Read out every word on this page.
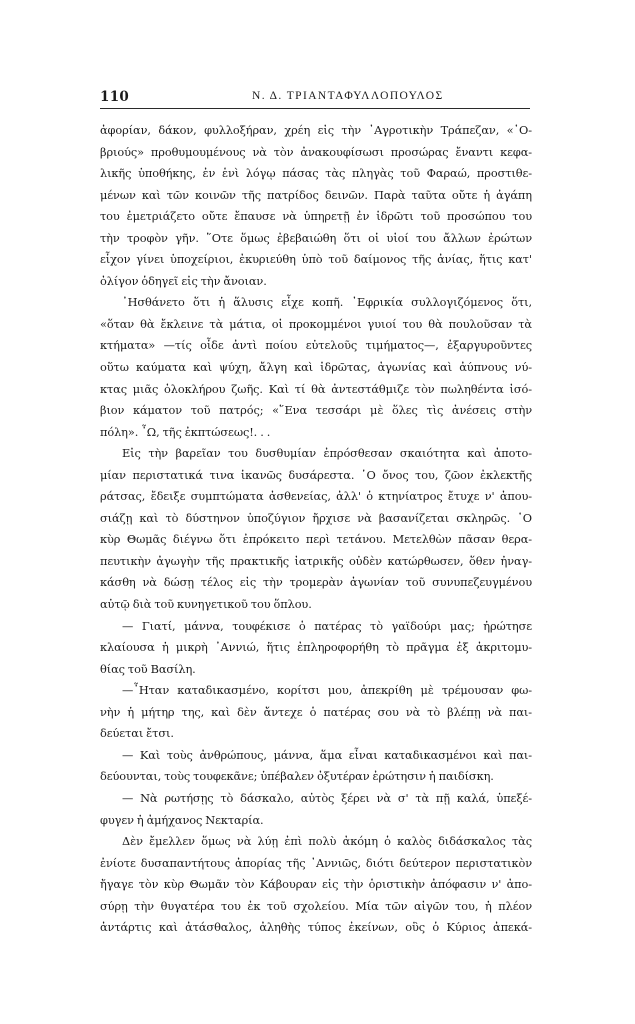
110	Ν. Δ. ΤΡΙΑΝΤΑΦΥΛΛΟΠΟΥΛΟΣ
ἀφορίαν, δάκον, φυλλοξήραν, χρέη εἰς τὴν ᾿Αγροτικὴν Τράπεζαν, «῾Ο-
βριούς» προθυμουμένους νὰ τὸν ἀνακουφίσωσι προσώρας ἔναντι κεφα-
λικῆς ὑποθήκης, ἐν ἑνὶ λόγῳ πάσας τὰς πληγὰς τοῦ Φαραώ, προστιθε-
μένων καὶ τῶν κοινῶν τῆς πατρίδος δεινῶν. Παρὰ ταῦτα οὔτε ἡ ἀγάπη
του ἐμετριάζετο οὔτε ἔπαυσε νὰ ὑπηρετῇ ἐν ἱδρῶτι τοῦ προσώπου του
τὴν τροφὸν γῆν. ῞Οτε ὅμως ἐβεβαιώθη ὅτι οἱ υἱοί του ἄλλων ἐρώτων
εἶχον γίνει ὑποχείριοι, ἐκυριεύθη ὑπὸ τοῦ δαίμονος τῆς ἀνίας, ἥτις κατ'
ὀλίγον ὁδηγεῖ εἰς τὴν ἄνοιαν.
᾿Ησθάνετο ὅτι ἡ ἅλυσις εἶχε κοπῆ. ᾿Εφρικία συλλογιζόμενος ὅτι,
«ὅταν θὰ ἔκλεινε τὰ μάτια, οἱ προκομμένοι γυιοί του θὰ πουλοῦσαν τὰ
κτήματα» —τίς οἶδε ἀντὶ ποίου εὐτελοῦς τιμήματος—, ἐξαργυροῦντες
οὕτω καύματα καὶ ψύχη, ἄλγη καὶ ἱδρῶτας, ἀγωνίας καὶ ἀύπνους νύ-
κτας μιᾶς ὁλοκλήρου ζωῆς. Καὶ τί θὰ ἀντεστάθμιζε τὸν πωληθέντα ἰσό-
βιον κάματον τοῦ πατρός; «῞Ενα τεσσάρι μὲ ὅλες τὶς ἀνέσεις στὴν
πόλη». ῏Ω, τῆς ἐκπτώσεως!. . .
Εἰς τὴν βαρεῖαν του δυσθυμίαν ἐπρόσθεσαν σκαιότητα καὶ ἀποτο-
μίαν περιστατικά τινα ἱκανῶς δυσάρεστα. ῾Ο ὄνος του, ζῶον ἐκλεκτῆς
ράτσας, ἔδειξε συμπτώματα ἀσθενείας, ἀλλ' ὁ κτηνίατρος ἔτυχε ν' ἀπου-
σιάζῃ καὶ τὸ δύστηνον ὑποζύγιον ἤρχισε νὰ βασανίζεται σκληρῶς. ῾Ο
κὺρ Θωμᾶς διέγνω ὅτι ἐπρόκειτο περὶ τετάνου. Μετελθὼν πᾶσαν θερα-
πευτικὴν ἀγωγὴν τῆς πρακτικῆς ἰατρικῆς οὐδὲν κατώρθωσεν, ὅθεν ἠναγ-
κάσθη νὰ δώσῃ τέλος εἰς τὴν τρομερὰν ἀγωνίαν τοῦ συνυπεζευγμένου
αὐτῷ διὰ τοῦ κυνηγετικοῦ του ὅπλου.
— Γιατί, μάννα, τουφέκισε ὁ πατέρας τὸ γαϊδούρι μας; ἠρώτησε
κλαίουσα ἡ μικρὴ ᾿Αννιώ, ἥτις ἐπληροφορήθη τὸ πρᾶγμα ἐξ ἀκριτομυ-
θίας τοῦ Βασίλη.
—῏Ηταν καταδικασμένο, κορίτσι μου, ἀπεκρίθη μὲ τρέμουσαν φω-
νὴν ἡ μήτηρ της, καὶ δὲν ἄντεχε ὁ πατέρας σου νὰ τὸ βλέπῃ νὰ παι-
δεύεται ἔτσι.
— Καὶ τοὺς ἀνθρώπους, μάννα, ἅμα εἶναι καταδικασμένοι καὶ παι-
δεύουνται, τοὺς τουφεκᾶνε; ὑπέβαλεν ὀξυτέραν ἐρώτησιν ἡ παιδίσκη.
— Νὰ ρωτήσῃς τὸ δάσκαλο, αὐτὸς ξέρει νὰ σ' τὰ πῇ καλά, ὑπεξέ-
φυγεν ἡ ἀμήχανος Νεκταρία.
Δὲν ἔμελλεν ὅμως νὰ λύῃ ἐπὶ πολὺ ἀκόμη ὁ καλὸς διδάσκαλος τὰς
ἐνίοτε δυσαπαντήτους ἀπορίας τῆς ᾿Αννιῶς, διότι δεύτερον περιστατικὸν
ἤγαγε τὸν κὺρ Θωμᾶν τὸν Κάβουραν εἰς τὴν ὁριστικὴν ἀπόφασιν ν' ἀπο-
σύρῃ τὴν θυγατέρα του ἐκ τοῦ σχολείου. Μία τῶν αἰγῶν του, ἡ πλέον
ἀντάρτις καὶ ἀτάσθαλος, ἀληθὴς τύπος ἐκείνων, οὓς ὁ Κύριος ἀπεκά-
